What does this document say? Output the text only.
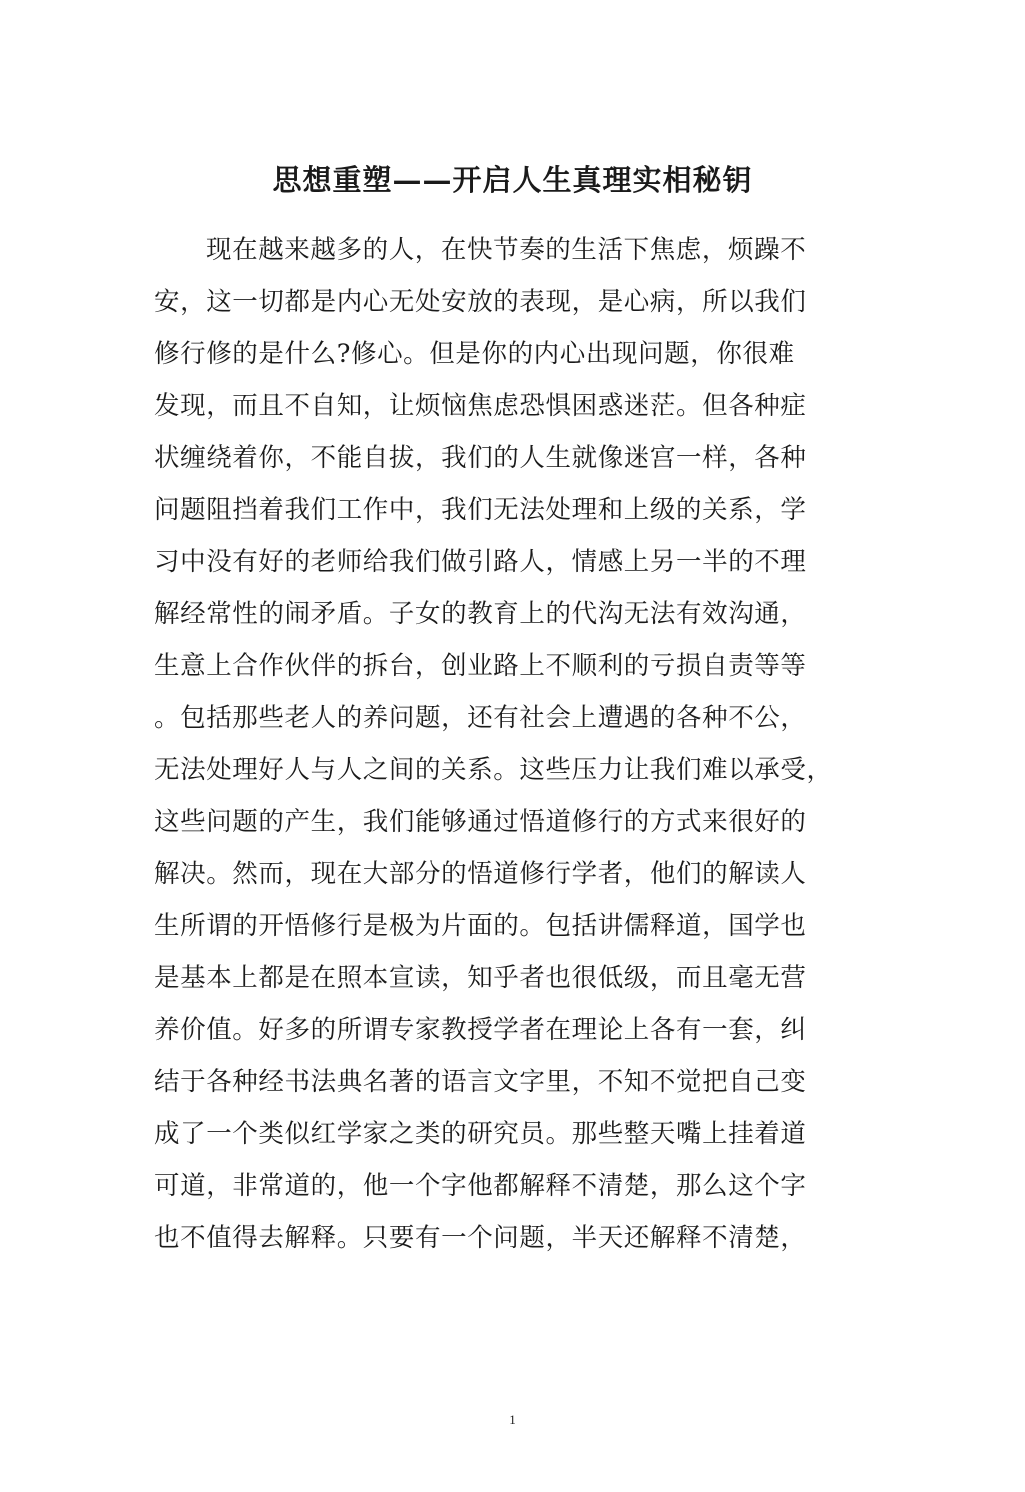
思想重塑——开启人生真理实相秘钥
现在越来越多的人，在快节奏的生活下焦虑，烦躁不
安，这一切都是内心无处安放的表现，是心病，所以我们
修行修的是什么?修心。但是你的内心出现问题，你很难
发现，而且不自知，让烦恼焦虑恐惧困惑迷茫。但各种症
状缠绕着你，不能自拔，我们的人生就像迷宫一样，各种
问题阻挡着我们工作中，我们无法处理和上级的关系，学
习中没有好的老师给我们做引路人，情感上另一半的不理
解经常性的闹矛盾。子女的教育上的代沟无法有效沟通，
生意上合作伙伴的拆台，创业路上不顺利的亏损自责等等
。包括那些老人的养问题，还有社会上遭遇的各种不公，
无法处理好人与人之间的关系。这些压力让我们难以承受，
这些问题的产生，我们能够通过悟道修行的方式来很好的
解决。然而，现在大部分的悟道修行学者，他们的解读人
生所谓的开悟修行是极为片面的。包括讲儒释道，国学也
是基本上都是在照本宣读，知乎者也很低级，而且毫无营
养价值。好多的所谓专家教授学者在理论上各有一套，纠
结于各种经书法典名著的语言文字里，不知不觉把自己变
成了一个类似红学家之类的研究员。那些整天嘴上挂着道
可道，非常道的，他一个字他都解释不清楚，那么这个字
也不值得去解释。只要有一个问题，半天还解释不清楚，
1
